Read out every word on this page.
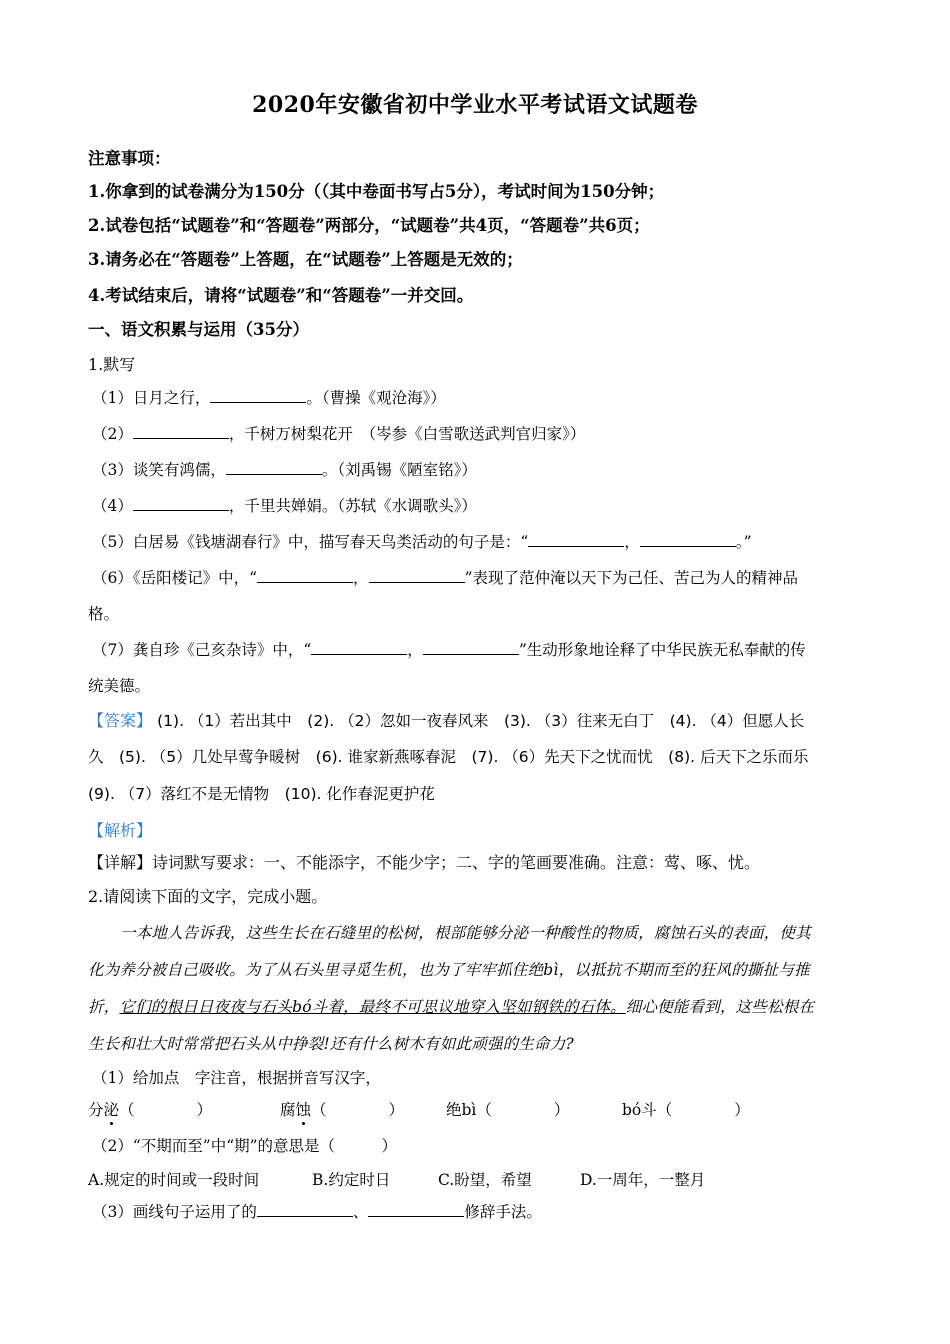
2020年安徽省初中学业水平考试语文试题卷
注意事项：
1.你拿到的试卷满分为150分（（其中卷面书写占5分），考试时间为150分钟；
2.试卷包括“试题卷”和“答题卷”两部分，“试题卷”共4页，“答题卷”共6页；
3.请务必在“答题卷”上答题，在“试题卷”上答题是无效的；
4.考试结束后，请将“试题卷”和“答题卷”一并交回。
一、语文积累与运用（35分）
1.默写
（1）日月之行，	。（曹操《观沧海》）
（2）	，千树万树梨花开　（岑参《白雪歌送武判官归家》）
（3）谈笑有鸿儒，	。（刘禹锡《陋室铭》）
（4）	，千里共婵娟。（苏轼《水调歌头》）
（5）白居易《钱塘湖春行》中，描写春天鸟类活动的句子是：“	，	。”
（6）《岳阳楼记》中，“	，	”表现了范仲淹以天下为己任、苦己为人的精神品
格。
（7）龚自珍《己亥杂诗》中，“	，	”生动形象地诠释了中华民族无私奉献的传
统美德。
【答案】 (1). （1）若出其中　(2). （2）忽如一夜春风来　(3). （3）往来无白丁　(4). （4）但愿人长
久　(5). （5）几处早莺争暖树　(6). 谁家新燕啄春泥　(7). （6）先天下之忧而忧　(8). 后天下之乐而乐
(9). （7）落红不是无情物　(10). 化作春泥更护花
【解析】
【详解】诗词默写要求：一、不能添字，不能少字；二、字的笔画要准确。注意：莺、啄、忧。
2.请阅读下面的文字，完成小题。
一本地人告诉我，这些生长在石缝里的松树，根部能够分泌一种酸性的物质，腐蚀石头的表面，使其
化为养分被自己吸收。为了从石头里寻觅生机，也为了牢牢抓住绝bì，以抵抗不期而至的狂风的撕扯与推
折，它们的根日日夜夜与石头bó斗着，最终不可思议地穿入坚如钢铁的石体。细心便能看到，这些松根在
生长和壮大时常常把石头从中挣裂!还有什么树木有如此顽强的生命力?
（1）给加点　字注音，根据拼音写汉字，
分泌（　　　　）	腐蚀（　　　　）	绝bì（　　　　）	bó斗（　　　　）
（2）“不期而至”中“期”的意思是（　　　）
A.规定的时间或一段时间	B.约定时日	C.盼望，希望	D.一周年，一整月
（3）画线句子运用了的	、	修辞手法。
